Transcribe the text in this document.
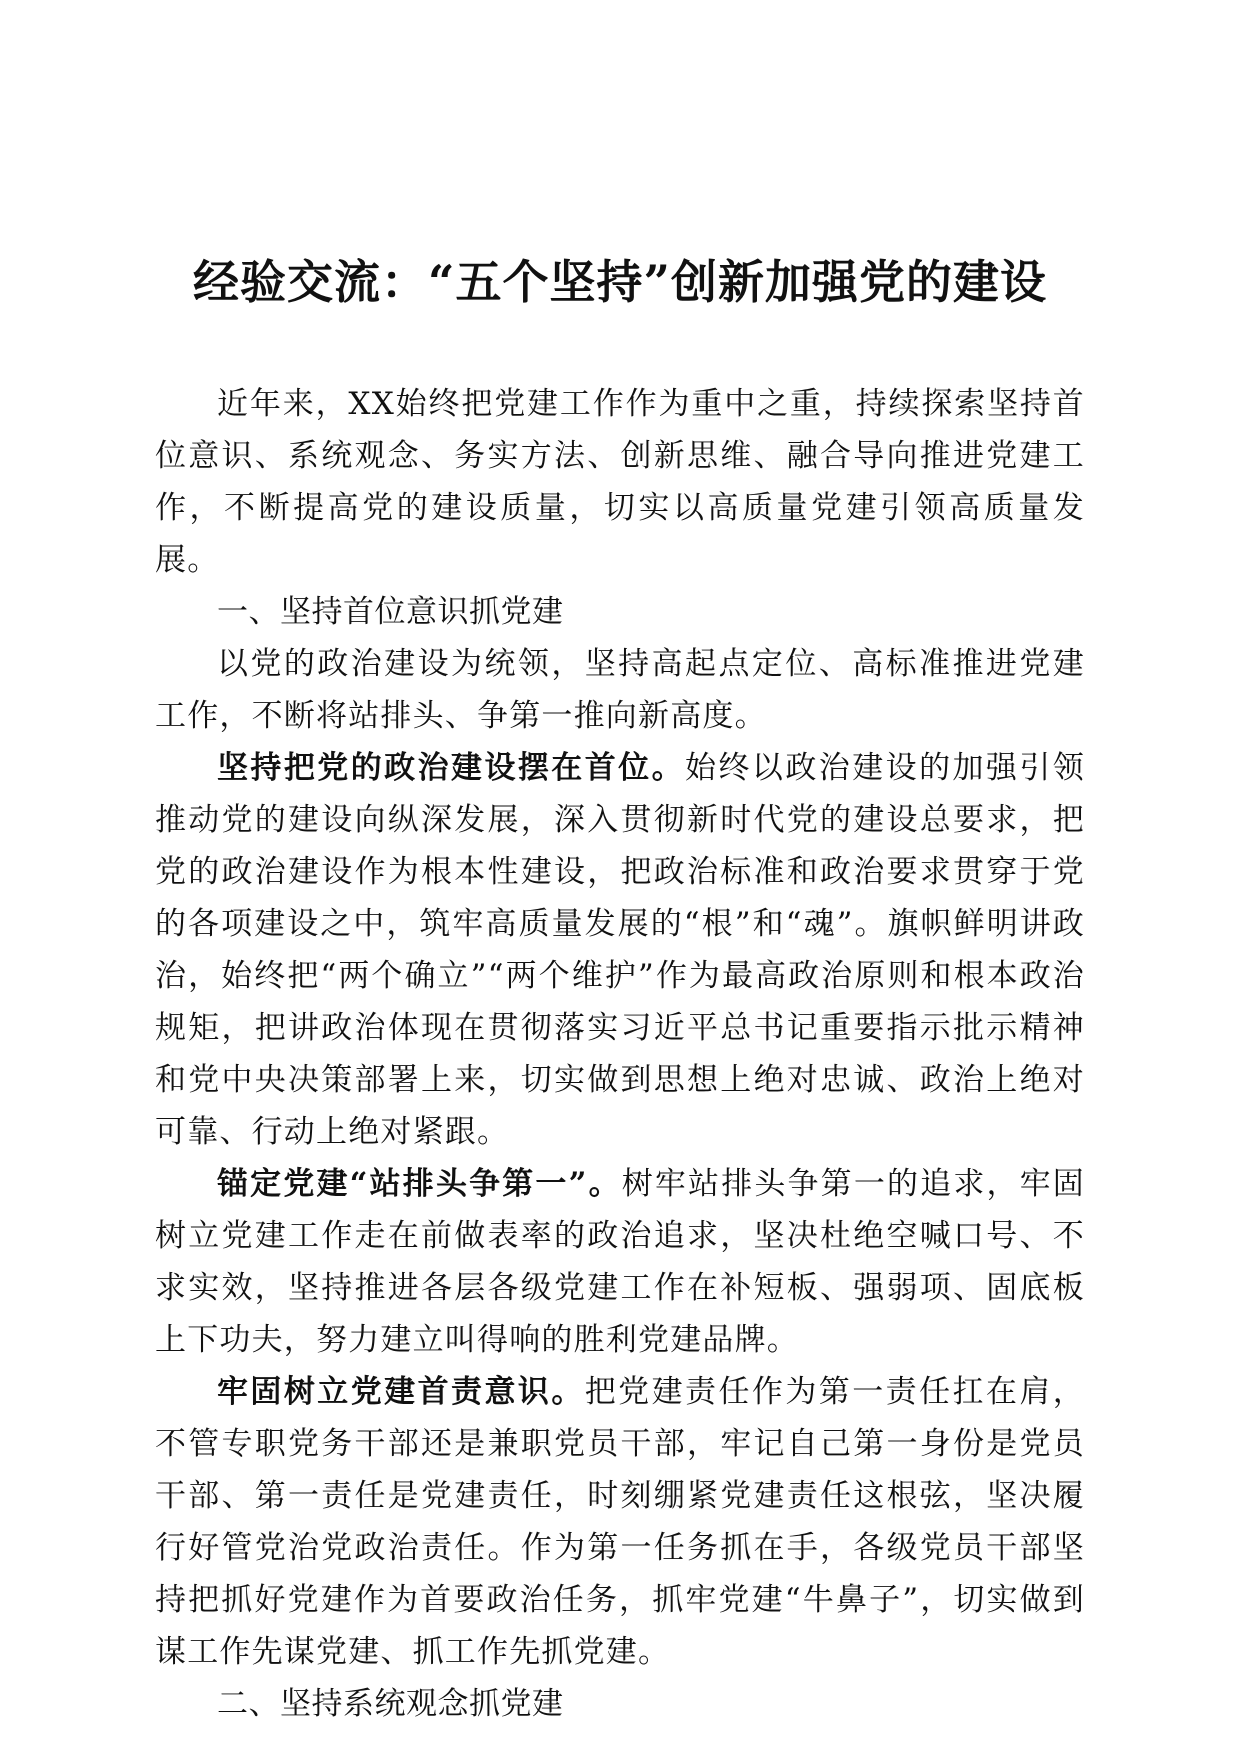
经验交流：“五个坚持”创新加强党的建设

近年来，XX始终把党建工作作为重中之重，持续探索坚持首位意识、系统观念、务实方法、创新思维、融合导向推进党建工作，不断提高党的建设质量，切实以高质量党建引领高质量发展。

一、坚持首位意识抓党建

以党的政治建设为统领，坚持高起点定位、高标准推进党建工作，不断将站排头、争第一推向新高度。

坚持把党的政治建设摆在首位。始终以政治建设的加强引领推动党的建设向纵深发展，深入贯彻新时代党的建设总要求，把党的政治建设作为根本性建设，把政治标准和政治要求贯穿于党的各项建设之中，筑牢高质量发展的“根”和“魂”。旗帜鲜明讲政治，始终把“两个确立”“两个维护”作为最高政治原则和根本政治规矩，把讲政治体现在贯彻落实习近平总书记重要指示批示精神和党中央决策部署上来，切实做到思想上绝对忠诚、政治上绝对可靠、行动上绝对紧跟。

锚定党建“站排头争第一”。树牢站排头争第一的追求，牢固树立党建工作走在前做表率的政治追求，坚决杜绝空喊口号、不求实效，坚持推进各层各级党建工作在补短板、强弱项、固底板上下功夫，努力建立叫得响的胜利党建品牌。

牢固树立党建首责意识。把党建责任作为第一责任扛在肩，不管专职党务干部还是兼职党员干部，牢记自己第一身份是党员干部、第一责任是党建责任，时刻绷紧党建责任这根弦，坚决履行好管党治党政治责任。作为第一任务抓在手，各级党员干部坚持把抓好党建作为首要政治任务，抓牢党建“牛鼻子”，切实做到谋工作先谋党建、抓工作先抓党建。

二、坚持系统观念抓党建
